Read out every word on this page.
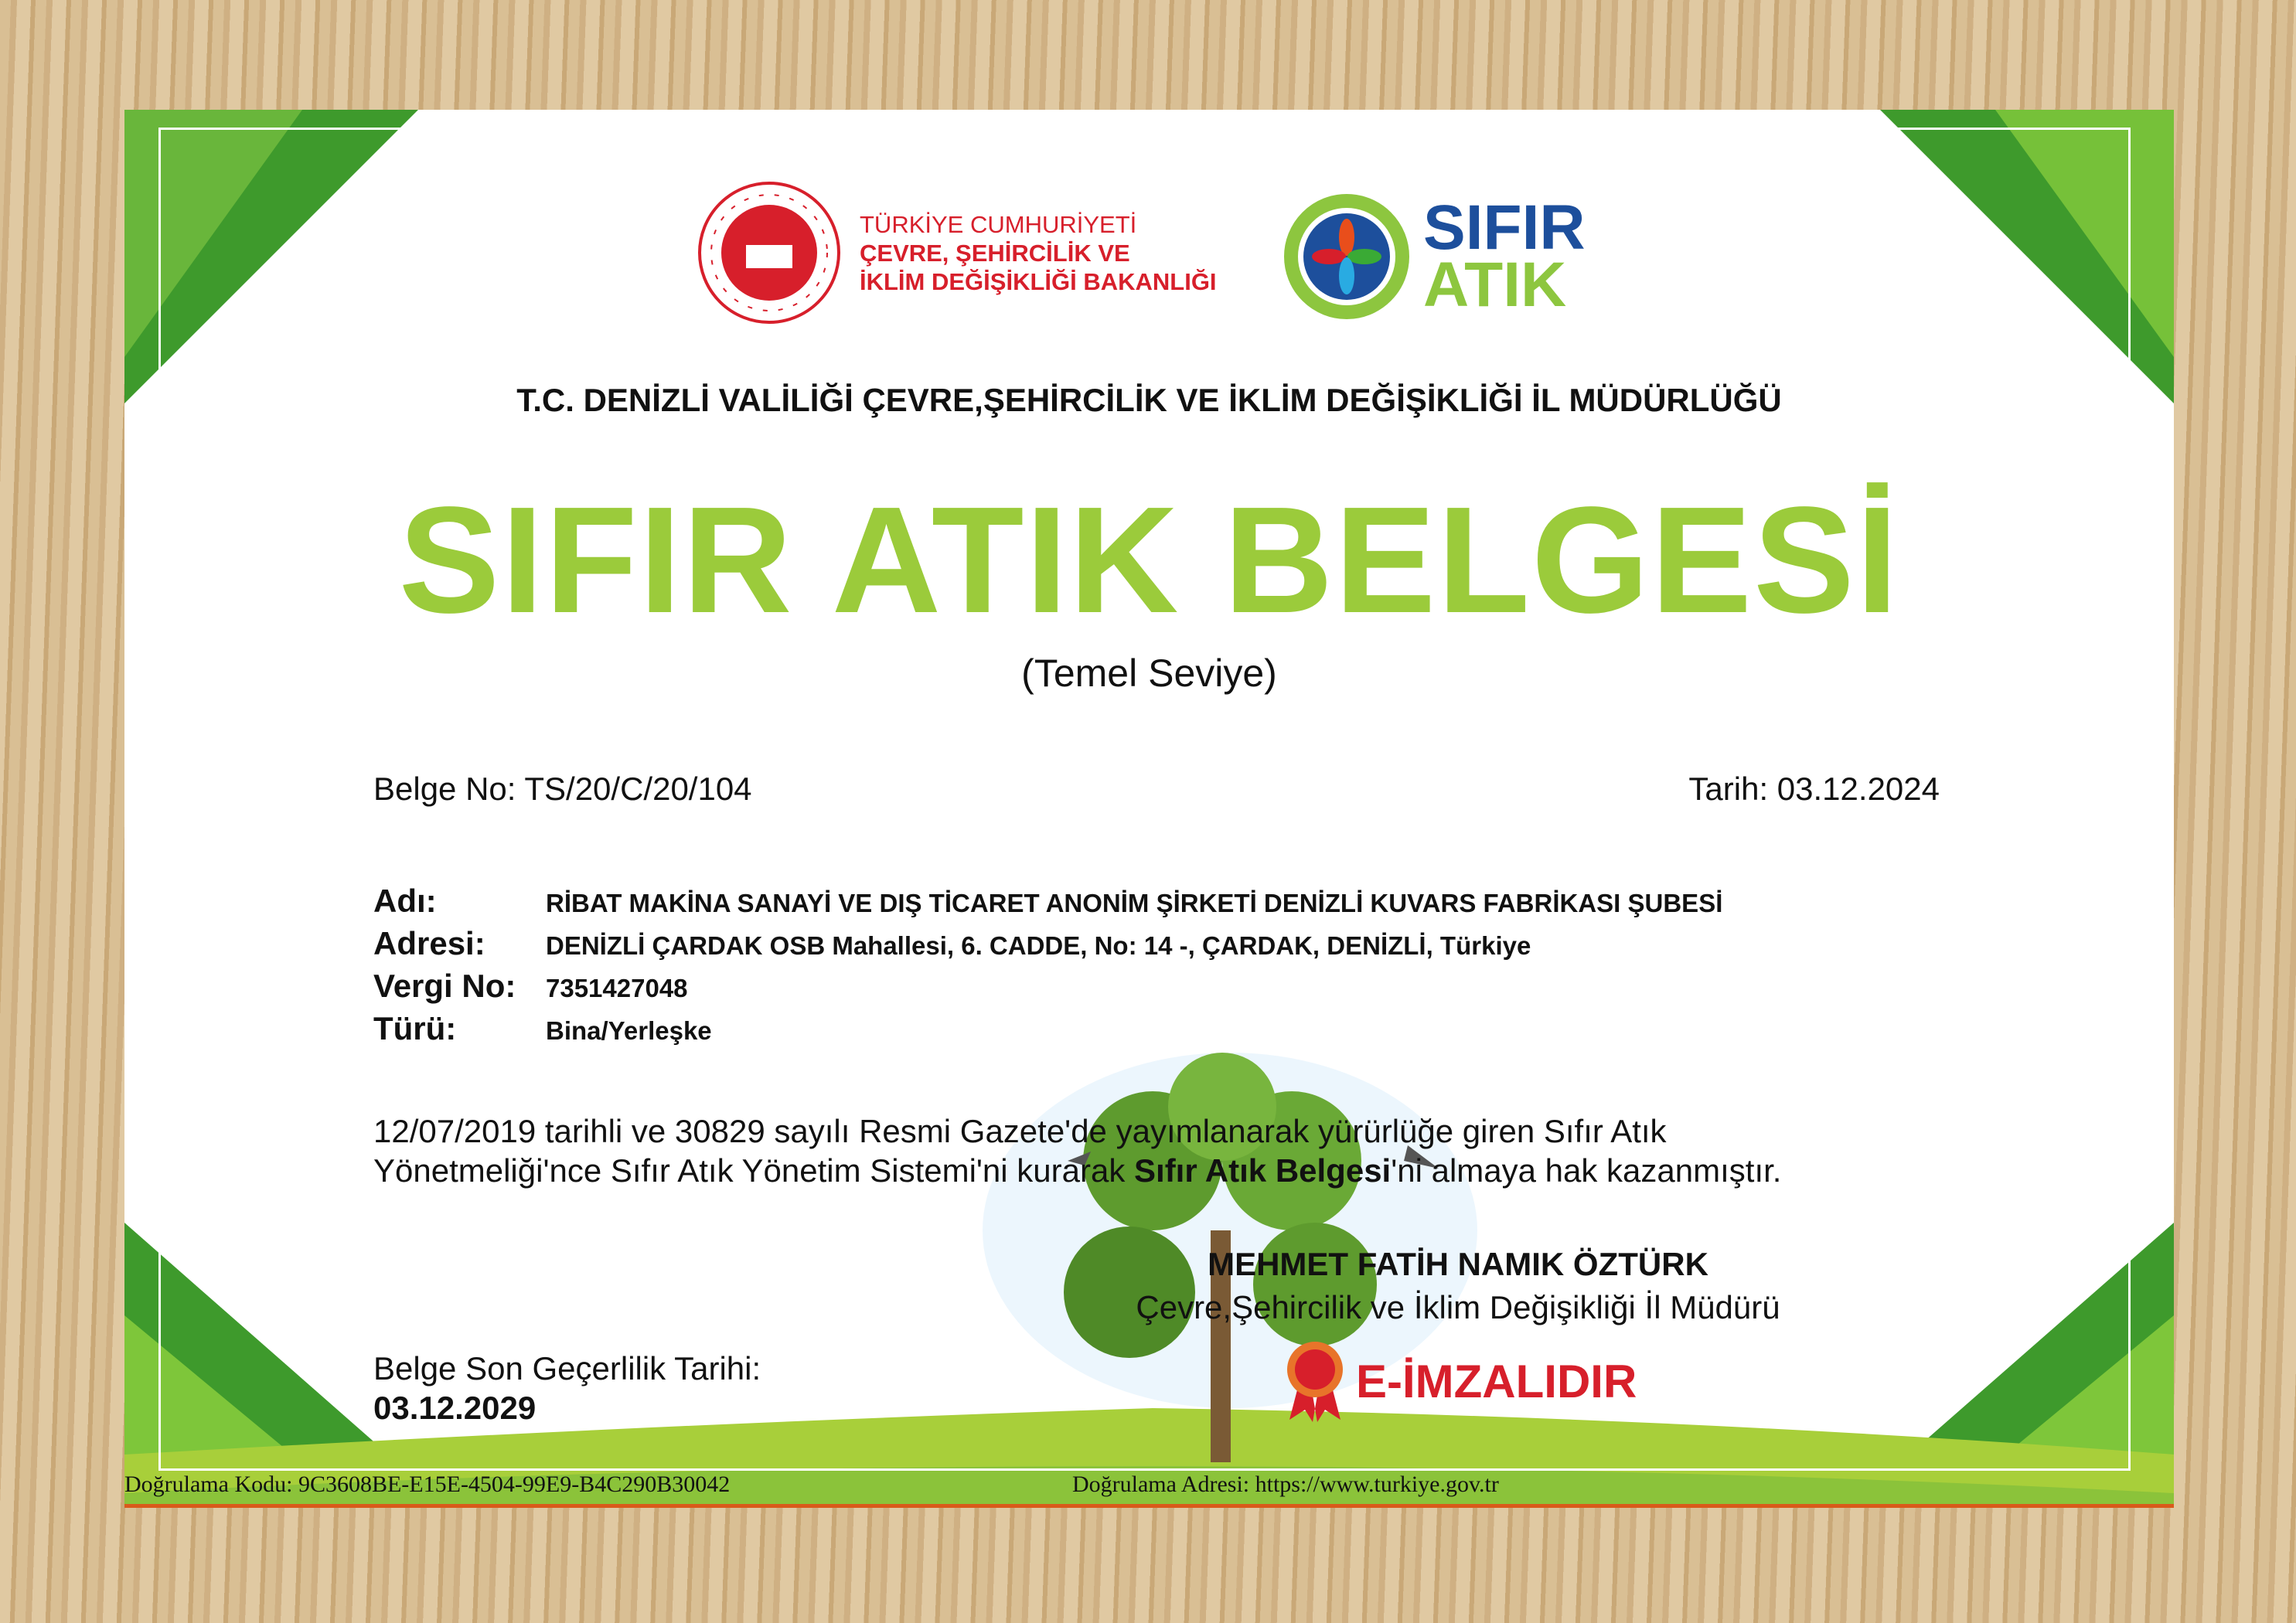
TÜRKİYE CUMHURİYETİ
ÇEVRE, ŞEHİRCİLİK VE
İKLİM DEĞİŞİKLİĞİ BAKANLIĞI
SIFIR
ATIK
T.C. DENİZLİ VALİLİĞİ ÇEVRE,ŞEHİRCİLİK VE İKLİM DEĞİŞİKLİĞİ İL MÜDÜRLÜĞÜ
SIFIR ATIK BELGESİ
(Temel Seviye)
Belge No: TS/20/C/20/104	Tarih: 03.12.2024
Adı:	RİBAT MAKİNA SANAYİ VE DIŞ TİCARET ANONİM ŞİRKETİ DENİZLİ KUVARS FABRİKASI ŞUBESİ
Adresi: DENİZLİ ÇARDAK OSB Mahallesi, 6. CADDE, No: 14 -, ÇARDAK, DENİZLİ, Türkiye
Vergi No: 7351427048
Türü:	Bina/Yerleşke
12/07/2019 tarihli ve 30829 sayılı Resmi Gazete'de yayımlanarak yürürlüğe giren Sıfır Atık
Yönetmeliği'nce Sıfır Atık Yönetim Sistemi'ni kurarak Sıfır Atık Belgesi'ni almaya hak kazanmıştır.
MEHMET FATİH NAMIK ÖZTÜRK
Çevre,Şehircilik ve İklim Değişikliği İl Müdürü
E-İMZALIDIR
Belge Son Geçerlilik Tarihi:
03.12.2029
Doğrulama Kodu: 9C3608BE-E15E-4504-99E9-B4C290B30042	Doğrulama Adresi: https://www.turkiye.gov.tr
